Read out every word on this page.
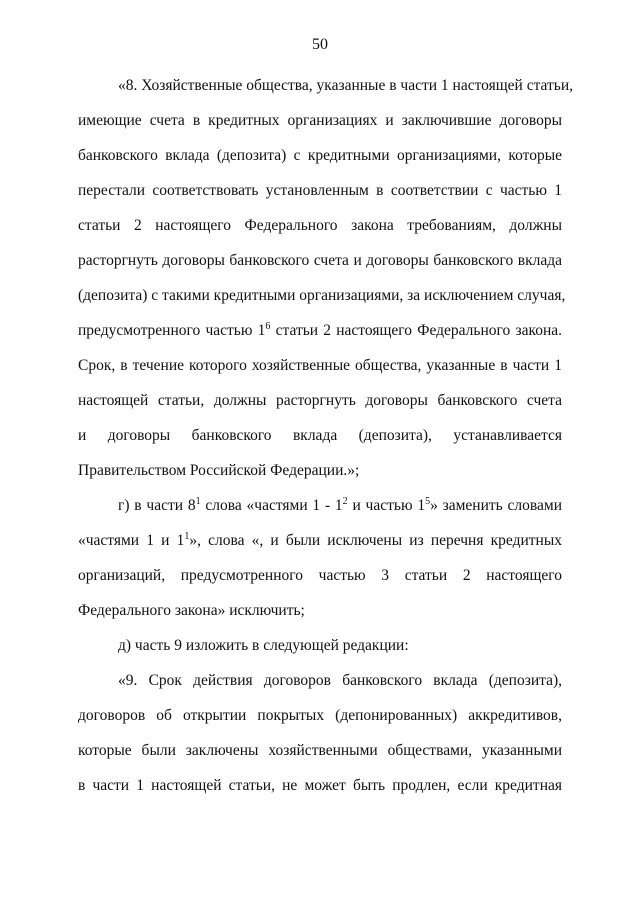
50
«8. Хозяйственные общества, указанные в части 1 настоящей статьи,
имеющие счета в кредитных организациях и заключившие договоры
банковского вклада (депозита) с кредитными организациями, которые
перестали соответствовать установленным в соответствии с частью 1
статьи 2 настоящего Федерального закона требованиям, должны
расторгнуть договоры банковского счета и договоры банковского вклада
(депозита) с такими кредитными организациями, за исключением случая,
предусмотренного частью $1^6$ статьи 2 настоящего Федерального закона.
Срок, в течение которого хозяйственные общества, указанные в части 1
настоящей статьи, должны расторгнуть договоры банковского счета
и договоры банковского вклада (депозита), устанавливается
Правительством Российской Федерации.»;
г) в части $8^1$ слова «частями $1 - 1^2$ и частью $1^5$» заменить словами
«частями 1 и $1^1$», слова «, и были исключены из перечня кредитных
организаций, предусмотренного частью 3 статьи 2 настоящего
Федерального закона» исключить;
д) часть 9 изложить в следующей редакции:
«9. Срок действия договоров банковского вклада (депозита),
договоров об открытии покрытых (депонированных) аккредитивов,
которые были заключены хозяйственными обществами, указанными
в части 1 настоящей статьи, не может быть продлен, если кредитная
